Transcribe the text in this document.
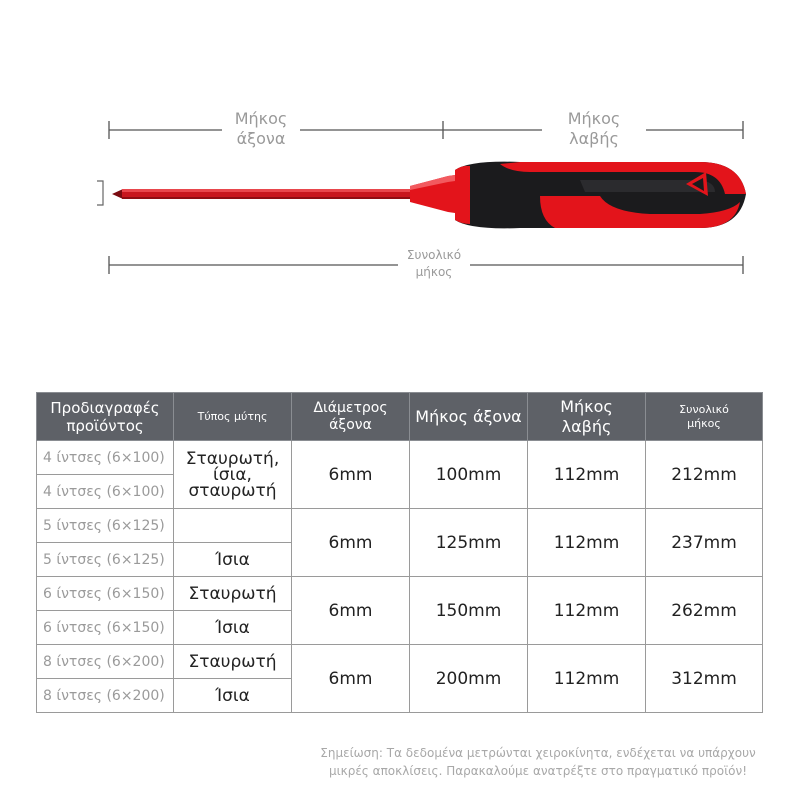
Μήκος
άξονα
Μήκος
λαβής
Συνολικό
μήκος
Προδιαγραφές
προϊόντος	Τύπος μύτης	Διάμετρος
άξονα	Μήκος άξονα	Μήκος
λαβής	Συνολικό
μήκος
4 ίντσες (6×100)	Σταυρωτή,
ίσια,
σταυρωτή	6mm	100mm	112mm	212mm
4 ίντσες (6×100)					
5 ίντσες (6×125)		6mm	125mm	112mm	237mm
5 ίντσες (6×125)	Ίσια				
6 ίντσες (6×150)	Σταυρωτή	6mm	150mm	112mm	262mm
6 ίντσες (6×150)	Ίσια				
8 ίντσες (6×200)	Σταυρωτή	6mm	200mm	112mm	312mm
8 ίντσες (6×200)	Ίσια				
Σημείωση: Τα δεδομένα μετρώνται χειροκίνητα, ενδέχεται να υπάρχουν μικρές αποκλίσεις. Παρακαλούμε ανατρέξτε στο πραγματικό προϊόν!
